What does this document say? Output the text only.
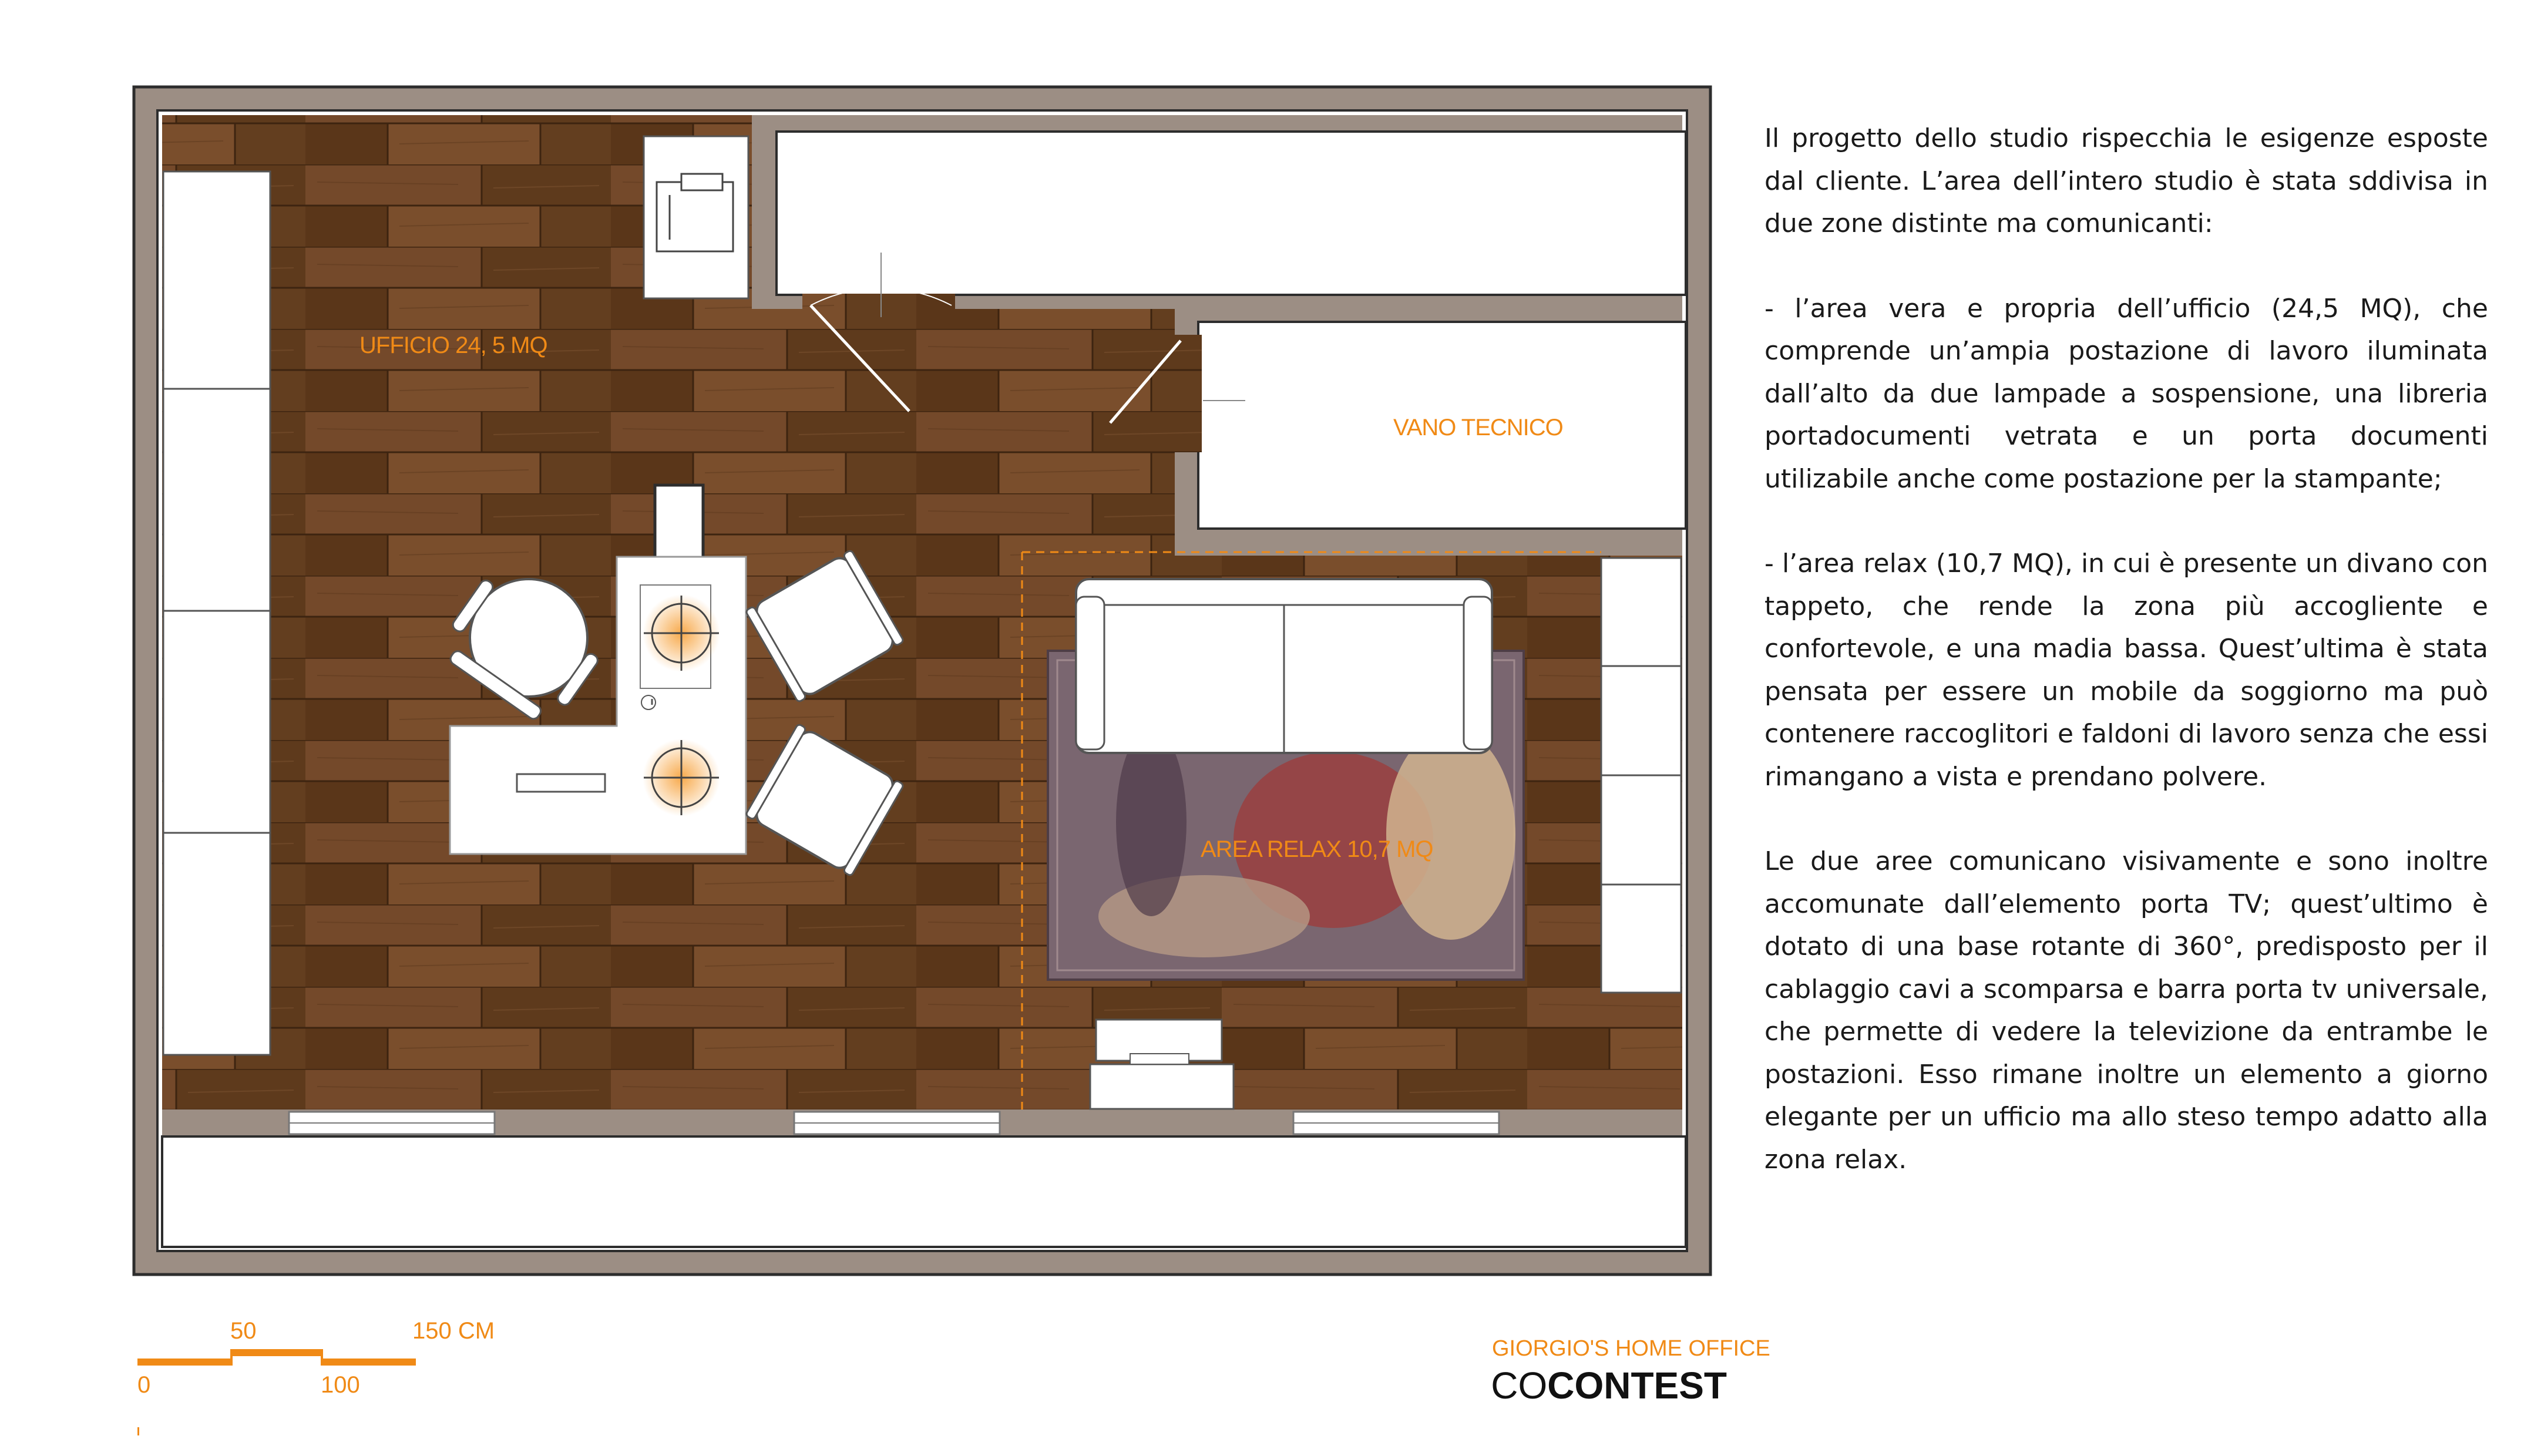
UFFICIO 24, 5 MQ
VANO TECNICO
AREA RELAX 10,7 MQ

Il progetto dello studio rispecchia le esigenze esposte dal cliente. L’area dell’intero studio è stata sddivisa in due zone distinte ma comunicanti:

- l’area vera e propria dell’ufficio (24,5 MQ), che comprende un’ampia postazione di lavoro iluminata dall’alto da due lampade a sospensione, una libreria portadocumenti vetrata e un porta documenti utilizabile anche come postazione per la stampante;

- l’area relax (10,7 MQ), in cui è presente un divano con tappeto, che rende la zona più accogliente e confortevole, e una madia bassa. Quest’ultima è stata pensata per essere un mobile da soggiorno ma può contenere raccoglitori e faldoni di lavoro senza che essi rimangano a vista e prendano polvere.

Le due aree comunicano visivamente e sono inoltre accomunate dall’elemento porta TV; quest’ultimo è dotato di una base rotante di 360°, predisposto per il cablaggio cavi a scomparsa e barra porta tv universale, che permette di vedere la televizione da entrambe le postazioni. Esso rimane inoltre un elemento a giorno elegante per un ufficio ma allo steso tempo adatto alla zona relax.

0
50
100
150 CM
GIORGIO'S HOME OFFICE
COCONTEST
